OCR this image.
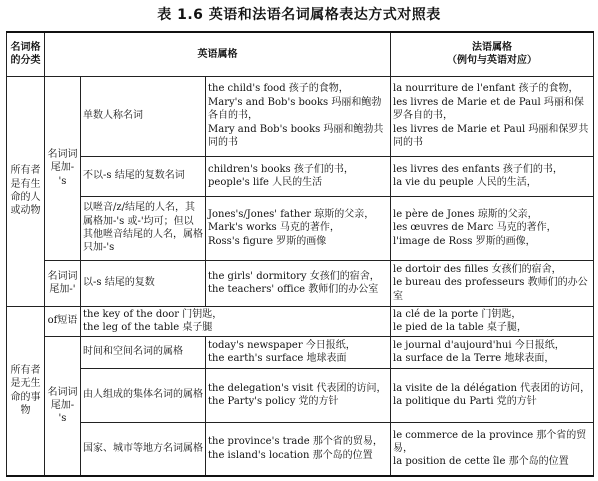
表 1.6 英语和法语名词属格表达方式对照表
名词格的分类	英语属格			法语属格
（例句与英语对应）

所有者是有生命的人或动物	名词词尾加-'s	单数人称名词	the child's food 孩子的食物，
Mary's and Bob's books 玛丽和鲍勃各自的书，
Mary and Bob's books 玛丽和鲍勃共同的书	la nourriture de l'enfant 孩子的食物，
les livres de Marie et de Paul 玛丽和保罗各自的书，
les livres de Marie et Paul 玛丽和保罗共同的书

		不以-s 结尾的复数名词	children's books 孩子们的书，
people's life 人民的生活	les livres des enfants 孩子们的书，
la vie du peuple 人民的生活，

		以咝音/z/结尾的人名，其属格加-'s 或-'均可；但以其他咝音结尾的人名，属格只加-'s	Jones's/Jones' father 琼斯的父亲，
Mark's works 马克的著作，
Ross's figure 罗斯的画像	le père de Jones 琼斯的父亲，
les œuvres de Marc 马克的著作，
l'image de Ross 罗斯的画像，

	名词词尾加-'	以-s 结尾的复数	the girls' dormitory 女孩们的宿舍，
the teachers' office 教师们的办公室	le dortoir des filles 女孩们的宿舍，
le bureau des professeurs 教师们的办公室

所有者是无生命的事物	of短语	the key of the door 门钥匙，
the leg of the table 桌子腿		la clé de la porte 门钥匙，
le pied de la table 桌子腿，

	名词词尾加-'s	时间和空间名词的属格	today's newspaper 今日报纸，
the earth's surface 地球表面	le journal d'aujourd'hui 今日报纸，
la surface de la Terre 地球表面，

		由人组成的集体名词的属格	the delegation's visit 代表团的访问，
the Party's policy 党的方针	la visite de la délégation 代表团的访问，
la politique du Parti 党的方针

		国家、城市等地方名词属格	the province's trade 那个省的贸易，
the island's location 那个岛的位置	le commerce de la province 那个省的贸易，
la position de cette île 那个岛的位置
